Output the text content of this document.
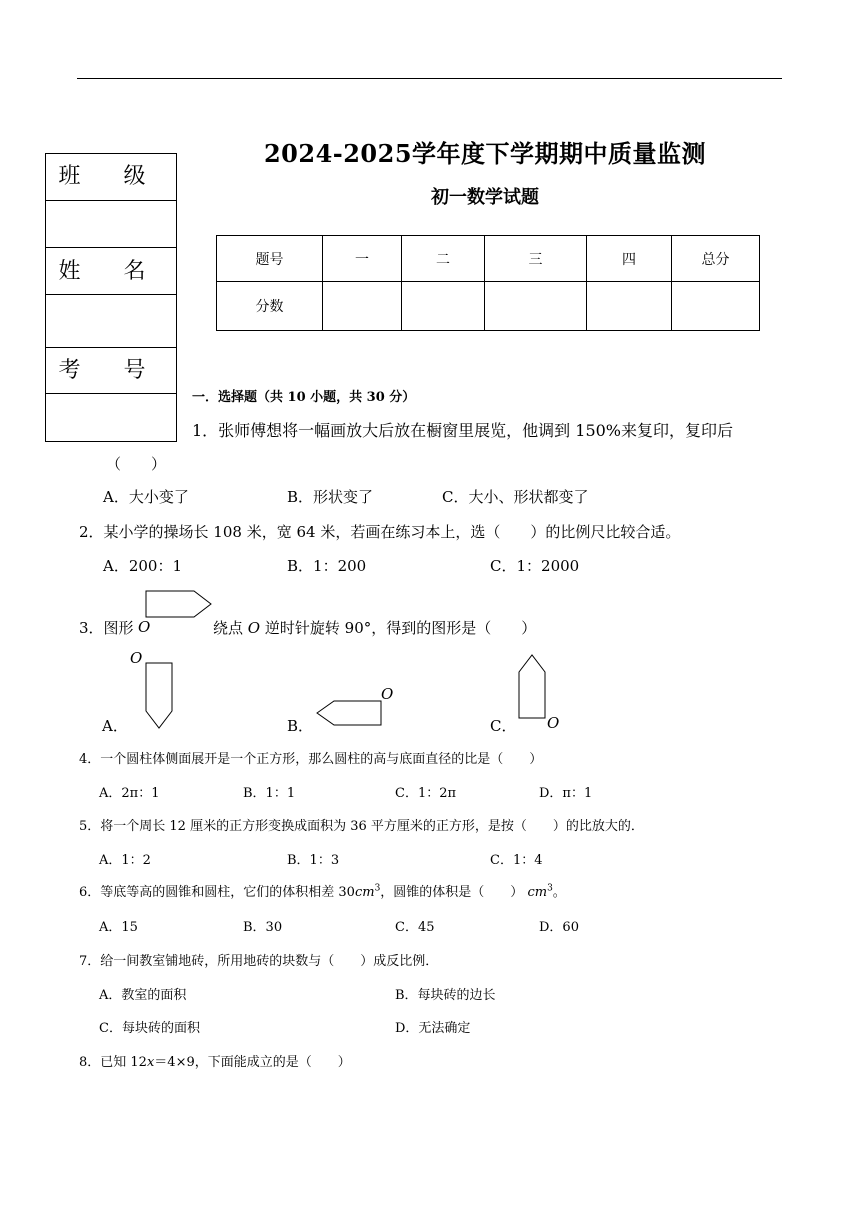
2024-2025学年度下学期期中质量监测
初一数学试题
班 级
姓 名
考 号
题号	一	二	三	四	总分
分数					
一．选择题（共 10 小题，共 30 分）
1．张师傅想将一幅画放大后放在橱窗里展览，他调到 150%来复印，复印后
（　　）
A．大小变了	B．形状变了	C．大小、形状都变了
2．某小学的操场长 108 米，宽 64 米，若画在练习本上，选（　　）的比例尺比较合适。
A．200：1	B．1：200	C．1：2000
3．图形 O	绕点 O 逆时针旋转 90°，得到的图形是（　　）
A．
O
B．
O
C． O
4．一个圆柱体侧面展开是一个正方形，那么圆柱的高与底面直径的比是（　　）
A．2π：1	B．1：1	C．1：2π	D．π：1
5．将一个周长 12 厘米的正方形变换成面积为 36 平方厘米的正方形，是按（　　）的比放大的．
A．1：2	B．1：3	C．1：4
6．等底等高的圆锥和圆柱，它们的体积相差 $30cm^3$，圆锥的体积是（　　） $cm^3$。
A．15	B．30	C．45	D．60
7．给一间教室铺地砖，所用地砖的块数与（　　）成反比例．
A．教室的面积	B．每块砖的边长
C．每块砖的面积	D．无法确定
8．已知 12x＝4×9，下面能成立的是（　　）
